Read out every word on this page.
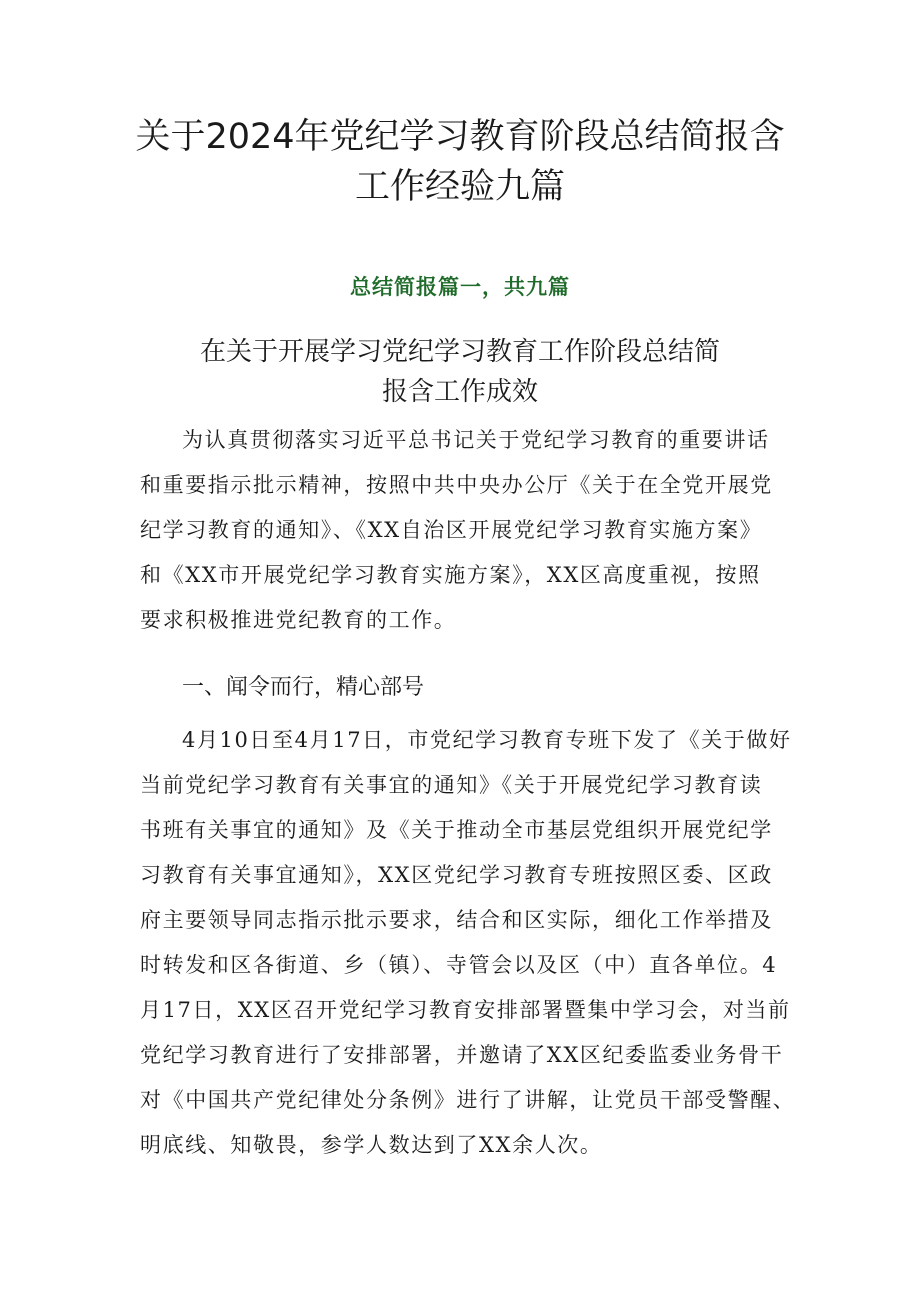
关于2024年党纪学习教育阶段总结简报含
工作经验九篇
总结简报篇一，共九篇
在关于开展学习党纪学习教育工作阶段总结简
报含工作成效
为认真贯彻落实习近平总书记关于党纪学习教育的重要讲话
和重要指示批示精神，按照中共中央办公厅《关于在全党开展党
纪学习教育的通知》、《XX自治区开展党纪学习教育实施方案》
和《XX市开展党纪学习教育实施方案》，XX区高度重视，按照
要求积极推进党纪教育的工作。
一、闻令而行，精心部号
4月10日至4月17日，市党纪学习教育专班下发了《关于做好
当前党纪学习教育有关事宜的通知》《关于开展党纪学习教育读
书班有关事宜的通知》及《关于推动全市基层党组织开展党纪学
习教育有关事宜通知》，XX区党纪学习教育专班按照区委、区政
府主要领导同志指示批示要求，结合和区实际，细化工作举措及
时转发和区各街道、乡（镇）、寺管会以及区（中）直各单位。4
月17日，XX区召开党纪学习教育安排部署暨集中学习会，对当前
党纪学习教育进行了安排部署，并邀请了XX区纪委监委业务骨干
对《中国共产党纪律处分条例》进行了讲解，让党员干部受警醒、
明底线、知敬畏，参学人数达到了XX余人次。
